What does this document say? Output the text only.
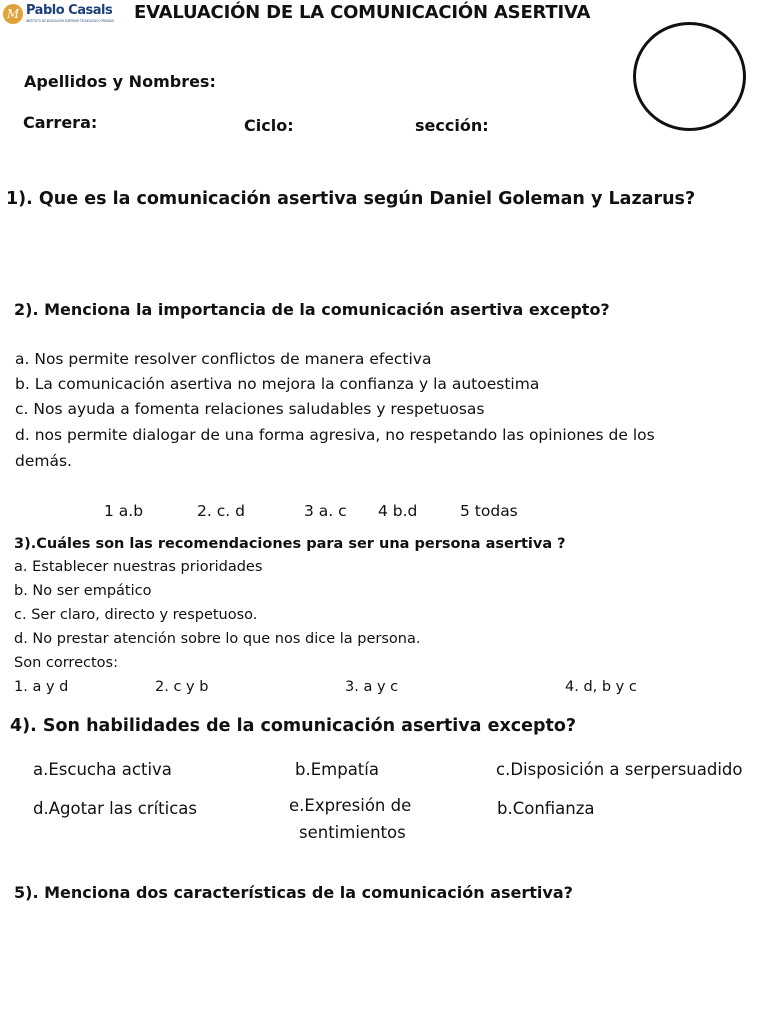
M Pablo Casals
INSTITUTO DE EDUCACIÓN SUPERIOR TECNOLÓGICO PRIVADO EVALUACIÓN DE LA COMUNICACIÓN ASERTIVA
Apellidos y Nombres:
Carrera:	Ciclo:	sección:
1). Que es la comunicación asertiva según Daniel Goleman y Lazarus?
2). Menciona la importancia de la comunicación asertiva excepto?
a. Nos permite resolver conflictos de manera efectiva
b. La comunicación asertiva no mejora la confianza y la autoestima
c. Nos ayuda a fomenta relaciones saludables y respetuosas
d. nos permite dialogar de una forma agresiva, no respetando las opiniones de los
demás.
1 a.b	2. c. d	3 a. c 4 b.d	5 todas
3).Cuáles son las recomendaciones para ser una persona asertiva ?
a. Establecer nuestras prioridades
b. No ser empático
c. Ser claro, directo y respetuoso.
d. No prestar atención sobre lo que nos dice la persona.
Son correctos:
1. a y d	2. c y b	3. a y c	4. d, b y c
4). Son habilidades de la comunicación asertiva excepto?
a.Escucha activa	b.Empatía	c.Disposición a serpersuadido
d.Agotar las críticas	e.Expresión de
sentimientos
b.Confianza
5). Menciona dos características de la comunicación asertiva?
